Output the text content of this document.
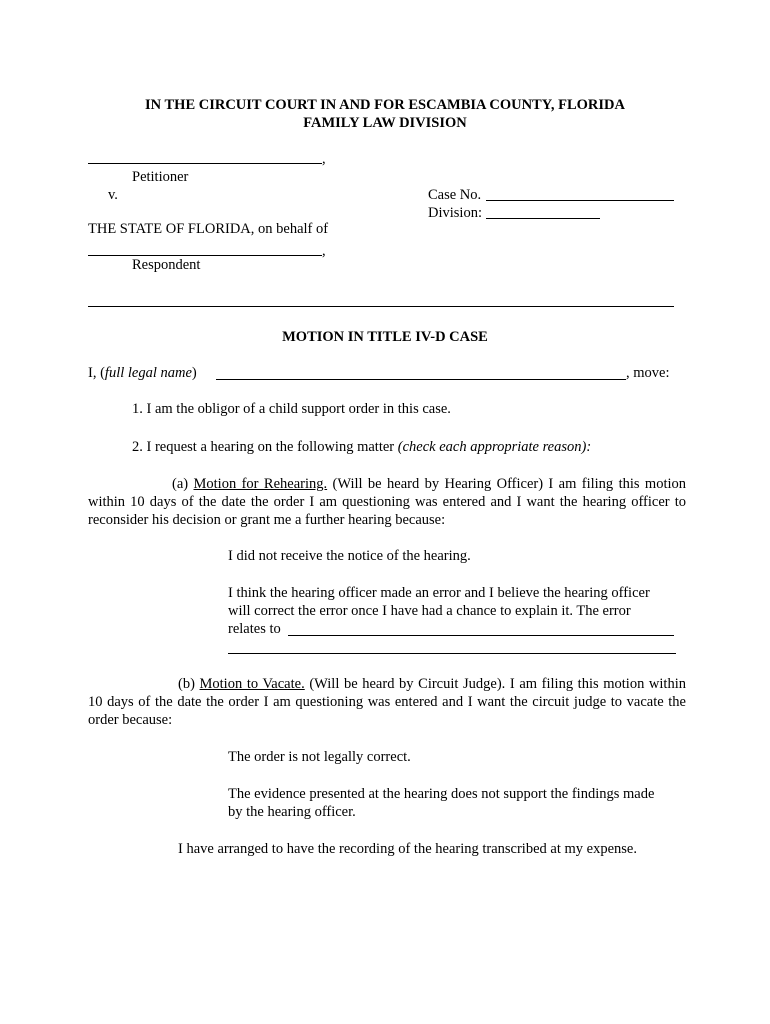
IN THE CIRCUIT COURT IN AND FOR ESCAMBIA COUNTY, FLORIDA
FAMILY LAW DIVISION
,
Petitioner
v.
THE STATE OF FLORIDA, on behalf of
,
Respondent
Case No.
Division:
MOTION IN TITLE IV-D CASE
I, (full legal name)	, move:
1. I am the obligor of a child support order in this case.
2. I request a hearing on the following matter (check each appropriate reason):
(a) Motion for Rehearing. (Will be heard by Hearing Officer) I am filing this motion within 10 days of the date the order I am questioning was entered and I want the hearing officer to reconsider his decision or grant me a further hearing because:
I did not receive the notice of the hearing.
I think the hearing officer made an error and I believe the hearing officer
will correct the error once I have had a chance to explain it. The error
relates to
(b) Motion to Vacate. (Will be heard by Circuit Judge). I am filing this motion within 10 days of the date the order I am questioning was entered and I want the circuit judge to vacate the order because:
The order is not legally correct.
The evidence presented at the hearing does not support the findings made
by the hearing officer.
I have arranged to have the recording of the hearing transcribed at my expense.
